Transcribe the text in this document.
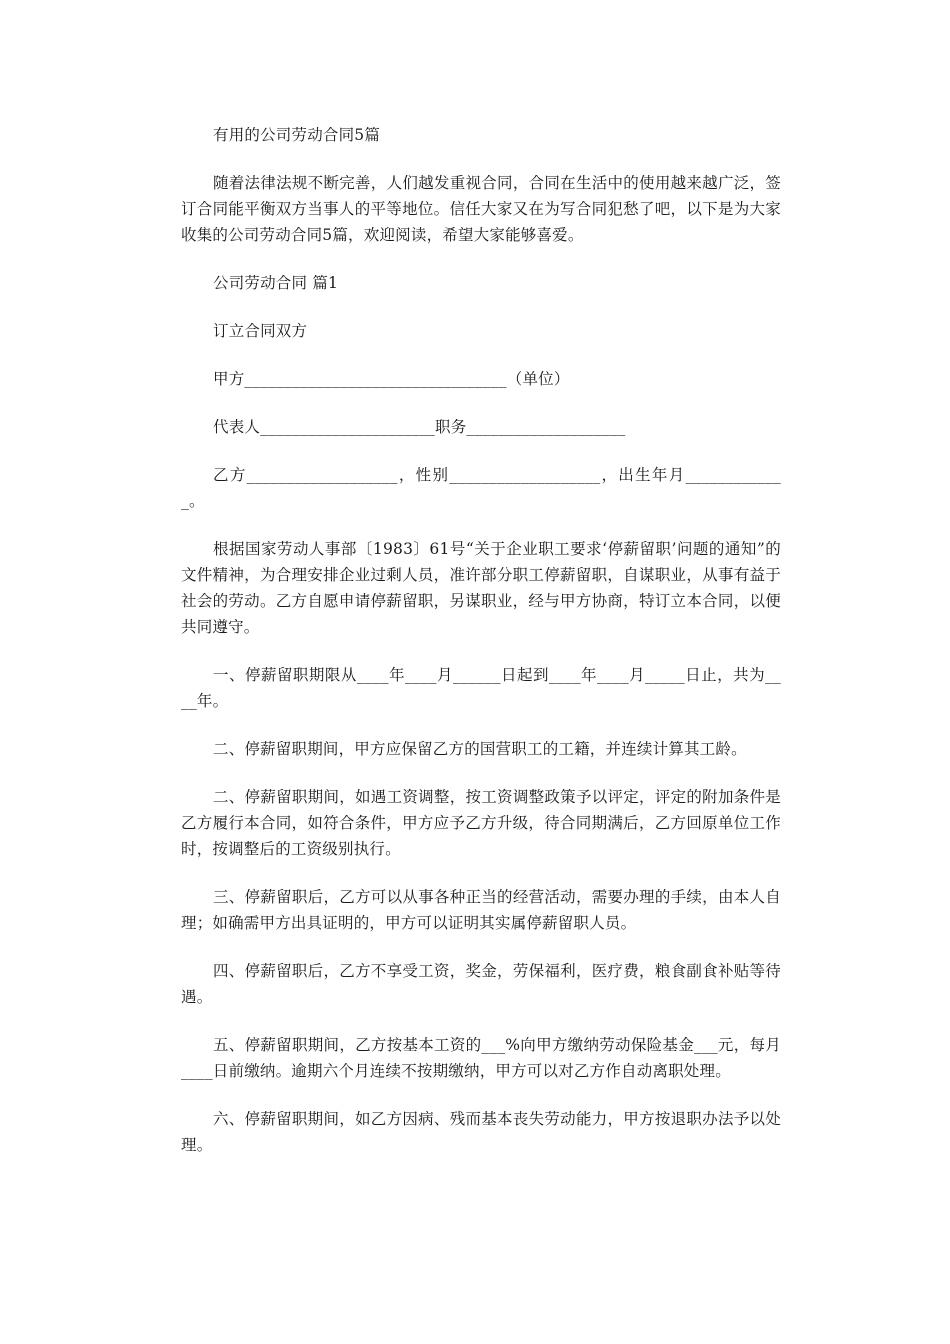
有用的公司劳动合同5篇

随着法律法规不断完善，人们越发重视合同，合同在生活中的使用越来越广泛，签订合同能平衡双方当事人的平等地位。信任大家又在为写合同犯愁了吧，以下是为大家收集的公司劳动合同5篇，欢迎阅读，希望大家能够喜爱。

公司劳动合同 篇1

订立合同双方

甲方_________________________________（单位）

代表人______________________职务____________________

乙方___________________，性别___________________，出生年月_____________。

根据国家劳动人事部〔1983〕61号“关于企业职工要求‘停薪留职’问题的通知”的文件精神，为合理安排企业过剩人员，准许部分职工停薪留职，自谋职业，从事有益于社会的劳动。乙方自愿申请停薪留职，另谋职业，经与甲方协商，特订立本合同，以便共同遵守。

一、停薪留职期限从____年____月______日起到____年____月_____日止，共为____年。

二、停薪留职期间，甲方应保留乙方的国营职工的工籍，并连续计算其工龄。

二、停薪留职期间，如遇工资调整，按工资调整政策予以评定，评定的附加条件是乙方履行本合同，如符合条件，甲方应予乙方升级，待合同期满后，乙方回原单位工作时，按调整后的工资级别执行。

三、停薪留职后，乙方可以从事各种正当的经营活动，需要办理的手续，由本人自理；如确需甲方出具证明的，甲方可以证明其实属停薪留职人员。

四、停薪留职后，乙方不享受工资，奖金，劳保福利，医疗费，粮食副食补贴等待遇。

五、停薪留职期间，乙方按基本工资的___%向甲方缴纳劳动保险基金___元，每月____日前缴纳。逾期六个月连续不按期缴纳，甲方可以对乙方作自动离职处理。

六、停薪留职期间，如乙方因病、残而基本丧失劳动能力，甲方按退职办法予以处理。
